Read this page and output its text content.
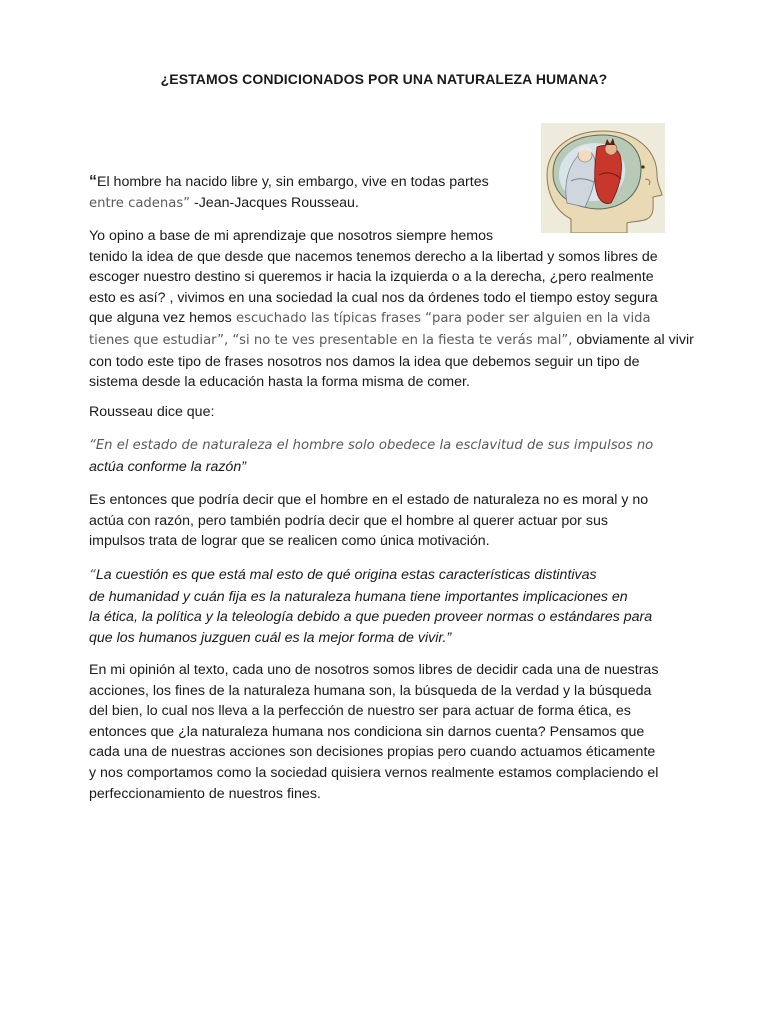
¿ESTAMOS CONDICIONADOS POR UNA NATURALEZA HUMANA?
“El hombre ha nacido libre y, sin embargo, vive en todas partes
entre cadenas” -Jean-Jacques Rousseau.
Yo opino a base de mi aprendizaje que nosotros siempre hemos
tenido la idea de que desde que nacemos tenemos derecho a la libertad y somos libres de
escoger nuestro destino si queremos ir hacia la izquierda o a la derecha, ¿pero realmente
esto es así? , vivimos en una sociedad la cual nos da órdenes todo el tiempo estoy segura
que alguna vez hemos escuchado las típicas frases “para poder ser alguien en la vida
tienes que estudiar”, “si no te ves presentable en la fiesta te verás mal”, obviamente al vivir
con todo este tipo de frases nosotros nos damos la idea que debemos seguir un tipo de
sistema desde la educación hasta la forma misma de comer.
Rousseau dice que:
“En el estado de naturaleza el hombre solo obedece la esclavitud de sus impulsos no
actúa conforme la razón”
Es entonces que podría decir que el hombre en el estado de naturaleza no es moral y no
actúa con razón, pero también podría decir que el hombre al querer actuar por sus
impulsos trata de lograr que se realicen como única motivación.
“La cuestión es que está mal esto de qué origina estas características distintivas
de humanidad y cuán fija es la naturaleza humana tiene importantes implicaciones en
la ética, la política y la teleología debido a que pueden proveer normas o estándares para
que los humanos juzguen cuál es la mejor forma de vivir.”
En mi opinión al texto, cada uno de nosotros somos libres de decidir cada una de nuestras
acciones, los fines de la naturaleza humana son, la búsqueda de la verdad y la búsqueda
del bien, lo cual nos lleva a la perfección de nuestro ser para actuar de forma ética, es
entonces que ¿la naturaleza humana nos condiciona sin darnos cuenta? Pensamos que
cada una de nuestras acciones son decisiones propias pero cuando actuamos éticamente
y nos comportamos como la sociedad quisiera vernos realmente estamos complaciendo el
perfeccionamiento de nuestros fines.
